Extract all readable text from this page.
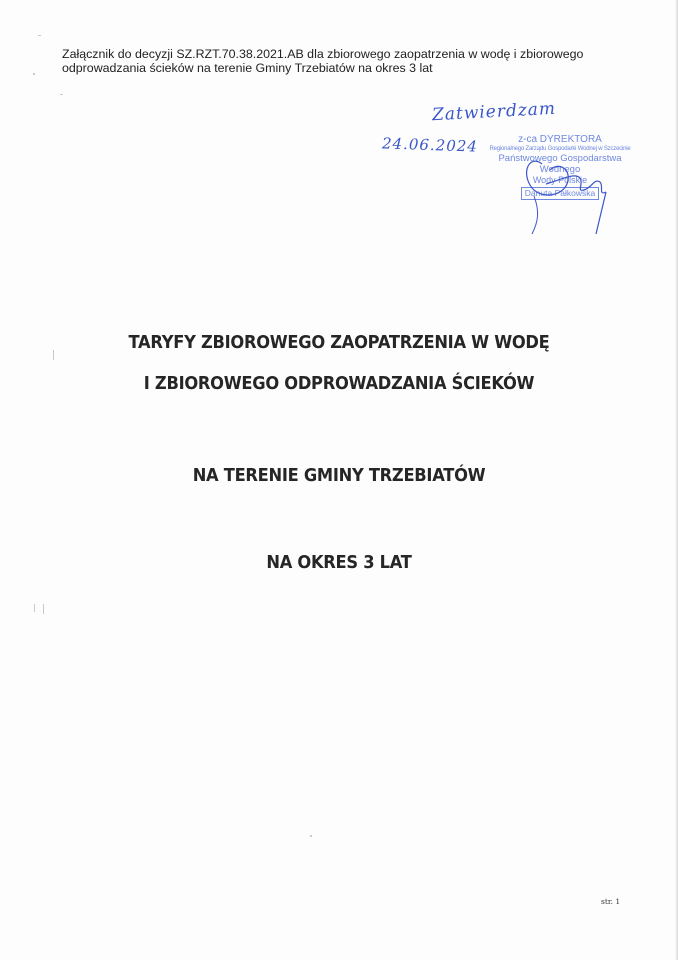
Załącznik do decyzji SZ.RZT.70.38.2021.AB dla zbiorowego zaopatrzenia w wodę i zbiorowego
odprowadzania ścieków na terenie Gminy Trzebiatów na okres 3 lat
Zatwierdzam
24.06.2024	z-ca DYREKTORA
Regionalnego Zarządu Gospodarki Wodnej w Szczecinie
Państwowego Gospodarstwa Wodnego
Wody Polskie
Danuta Pałkowska
TARYFY ZBIOROWEGO ZAOPATRZENIA W WODĘ
I ZBIOROWEGO ODPROWADZANIA ŚCIEKÓW
NA TERENIE GMINY TRZEBIATÓW
NA OKRES 3 LAT
str. 1
